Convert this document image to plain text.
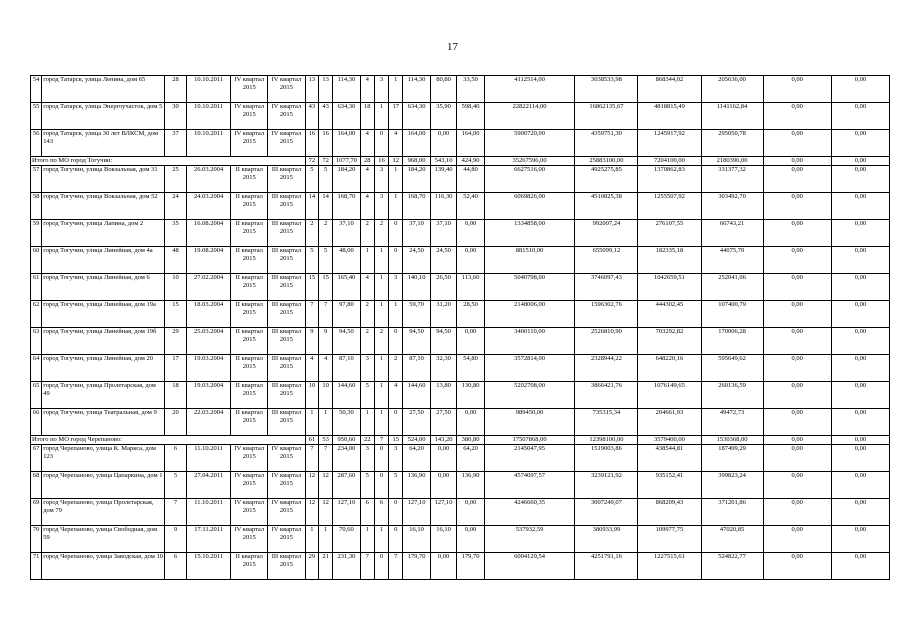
17
54	город Татарск, улица Ленина, дом 65	28	10.10.2011	IV квартал 2015	IV квартал 2015	13	13	114,30	4	3	1	114,30	80,80	33,50	4112514,00	3038533,98	868344,02	205636,00	0,00	0,00
55	город Татарск, улица Энергоучасток, дом 5	30	10.10.2011	IV квартал 2015	IV квартал 2015	43	43	634,30	18	1	17	634,30	35,90	598,40	22822114,00	16862135,67	4818815,49	1141162,84	0,00	0,00
56	город Татарск, улица 30 лет ВЛКСМ, дом 143	37	10.10.2011	IV квартал 2015	IV квартал 2015	16	16	164,00	4	0	4	164,00	0,00	164,00	5900720,00	4359751,30	1245917,92	295050,78	0,00	0,00
Итого по МО город Тогучин:						72	72	1077,70	28	16	12	968,00	543,10	424,90	35267596,00	25883100,00	7204100,00	2180396,00	0,00	0,00
57	город Тогучин, улица Вокзальная, дом 31	25	26.03.2004	II квартал 2015	III квартал 2015	5	5	184,20	4	3	1	184,20	139,40	44,80	6627516,00	4925275,85	1370862,83	331377,32	0,00	0,00
58	город Тогучин, улица Вокзальная, дом 52	24	24.03.2004	II квартал 2015	III квартал 2015	14	14	168,70	4	3	1	168,70	116,30	52,40	6069826,00	4510825,38	1255507,92	303492,70	0,00	0,00
59	город Тогучин, улица Лапина, дом 2	35	16.08.2004	II квартал 2015	III квартал 2015	2	2	37,10	2	2	0	37,10	37,10	0,00	1334858,00	992007,24	276107,55	66743,21	0,00	0,00
60	город Тогучин, улица Линейная, дом 4а	48	19.08.2004	II квартал 2015	III квартал 2015	5	5	48,00	1	1	0	24,50	24,50	0,00	881510,00	655099,12	182335,18	44075,70	0,00	0,00
61	город Тогучин, улица Линейная, дом 6	10	27.02.2004	II квартал 2015	III квартал 2015	15	15	165,40	4	1	3	140,10	26,50	113,60	5040798,00	3746097,43	1042659,51	252041,06	0,00	0,00
62	город Тогучин, улица Линейная, дом 19а	15	18.03.2004	II квартал 2015	III квартал 2015	7	7	97,80	2	1	1	59,70	31,20	28,50	2148006,00	1596302,76	444302,45	107400,79	0,00	0,00
63	город Тогучин, улица Линейная, дом 19б	29	25.03.2004	II квартал 2015	III квартал 2015	9	9	94,50	2	2	0	94,50	94,50	0,00	3400110,00	2526810,90	703292,82	170006,28	0,00	0,00
64	город Тогучин, улица Линейная, дом 20	17	19.03.2004	II квартал 2015	III квартал 2015	4	4	87,10	3	1	2	87,10	32,30	54,80	3572814,00	2328944,22	648220,16	595649,62	0,00	0,00
65	город Тогучин, улица Пролетарская, дом 49	18	19.03.2004	II квартал 2015	III квартал 2015	10	10	144,60	5	1	4	144,60	13,80	130,80	5202708,00	3866421,76	1076149,65	260136,59	0,00	0,00
66	город Тогучин, улица Театральная, дом 9	20	22.03.2004	II квартал 2015	III квартал 2015	1	1	50,30	1	1	0	27,50	27,50	0,00	989450,00	735315,34	204661,93	49472,73	0,00	0,00
Итого по МО город Черепаново:						61	53	950,60	22	7	15	524,00	143,20	380,80	17507868,00	12398100,00	3579400,00	1530368,00	0,00	0,00
67	город Черепаново, улица К. Маркса, дом 123	6	11.10.2011	IV квартал 2015	IV квартал 2015	7	7	234,00	3	0	3	64,20	0,00	64,20	2145047,95	1519003,86	438544,81	187499,29	0,00	0,00
68	город Черепаново, улица Цапаркина, дом 1	5	27.04.2011	IV квартал 2015	IV квартал 2015	12	12	287,60	5	0	5	136,90	0,00	136,90	4574097,57	3239121,92	935152,41	399823,24	0,00	0,00
69	город Черепаново, улица Пролетарская, дом 79	7	11.10.2011	IV квартал 2015	IV квартал 2015	12	12	127,10	6	6	0	127,10	127,10	0,00	4246660,35	3007249,07	868209,43	371201,86	0,00	0,00
70	город Черепаново, улица Свободная, дом 59	9	17.11.2011	IV квартал 2015	IV квартал 2015	1	1	70,60	1	1	0	16,10	16,10	0,00	537932,59	380933,99	109977,75	47020,85	0,00	0,00
71	город Черепаново, улица Заводская, дом 10	6	15.10.2011	II квартал 2015	III квартал 2015	29	21	231,30	7	0	7	179,70	0,00	179,70	6004129,54	4251791,16	1227515,61	524822,77	0,00	0,00
